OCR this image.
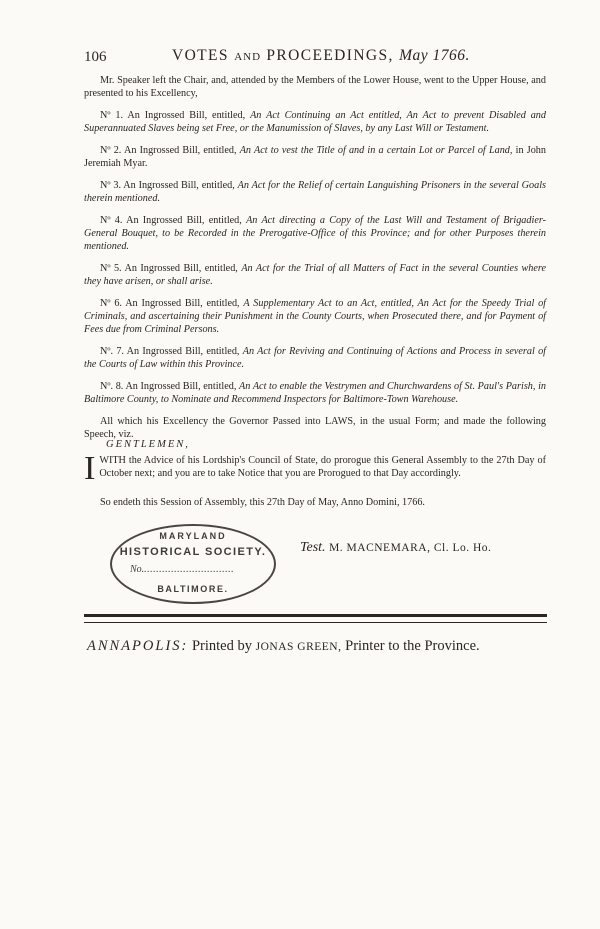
106	VOTES AND PROCEEDINGS, May 1766.

Mr. Speaker left the Chair, and, attended by the Members of the Lower House, went to the Upper House, and presented to his Excellency,

Nº 1. An Ingrossed Bill, entitled, An Act Continuing an Act entitled, An Act to prevent Disabled and Superannuated Slaves being set Free, or the Manumission of Slaves, by any Last Will or Testament.

Nº 2. An Ingrossed Bill, entitled, An Act to vest the Title of and in a certain Lot or Parcel of Land, in John Jeremiah Myar.

Nº 3. An Ingrossed Bill, entitled, An Act for the Relief of certain Languishing Prisoners in the several Goals therein mentioned.

Nº 4. An Ingrossed Bill, entitled, An Act directing a Copy of the Last Will and Testament of Brigadier-General Bouquet, to be Recorded in the Prerogative-Office of this Province; and for other Purposes therein mentioned.

Nº 5. An Ingrossed Bill, entitled, An Act for the Trial of all Matters of Fact in the several Counties where they have arisen, or shall arise.

Nº 6. An Ingrossed Bill, entitled, A Supplementary Act to an Act, entitled, An Act for the Speedy Trial of Criminals, and ascertaining their Punishment in the County Courts, when Prosecuted there, and for Payment of Fees due from Criminal Persons.

Nº. 7. An Ingrossed Bill, entitled, An Act for Reviving and Continuing of Actions and Process in several of the Courts of Law within this Province.

Nº. 8. An Ingrossed Bill, entitled, An Act to enable the Vestrymen and Churchwardens of St. Paul's Parish, in Baltimore County, to Nominate and Recommend Inspectors for Baltimore-Town Warehouse.

All which his Excellency the Governor Passed into LAWS, in the usual Form; and made the following Speech, viz.

GENTLEMEN,
I WITH the Advice of his Lordship's Council of State, do prorogue this General Assembly to the 27th Day of October next; and you are to take Notice that you are Prorogued to that Day accordingly.
So endeth this Session of Assembly, this 27th Day of May, Anno Domini, 1766.
MARYLAND
HISTORICAL SOCIETY.
No...............................
BALTIMORE.
Test. M. MACNEMARA, Cl. Lo. Ho.
ANNAPOLIS: Printed by JONAS GREEN, Printer to the Province.
